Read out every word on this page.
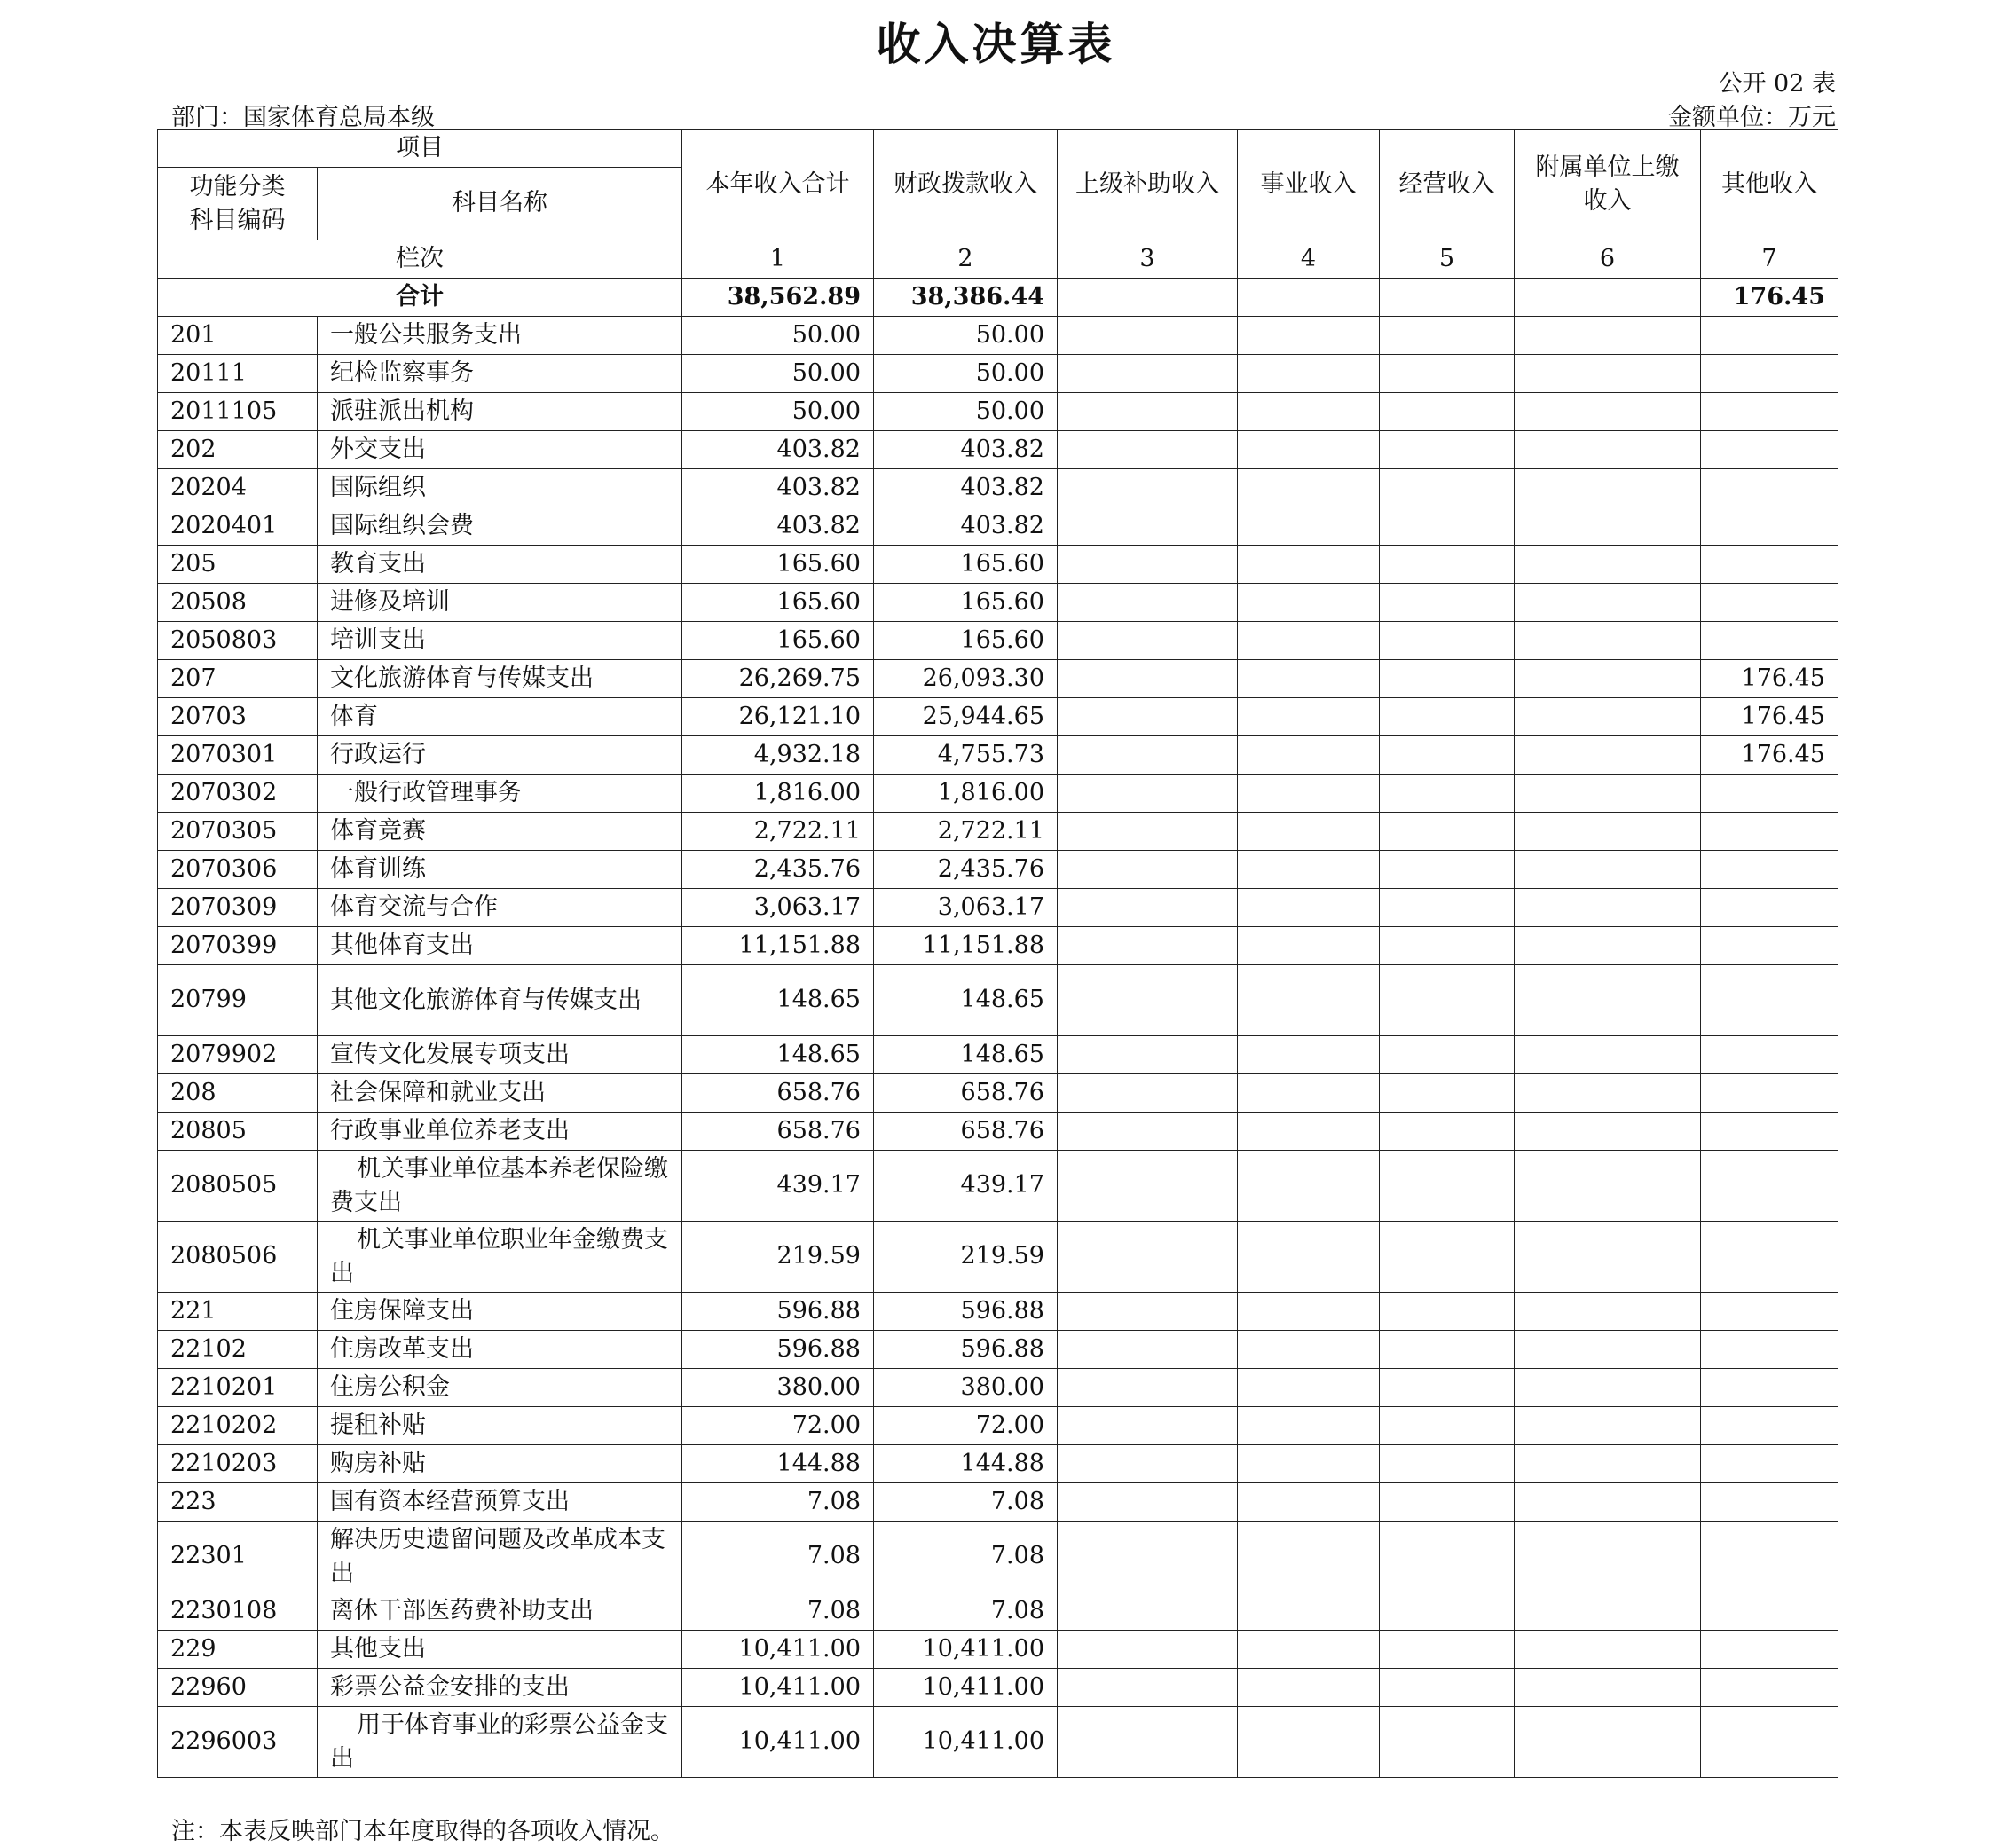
收入决算表
公开 02 表
部门：国家体育总局本级	金额单位：万元
项目		本年收入合计	财政拨款收入	上级补助收入	事业收入	经营收入	附属单位上缴收入	其他收入
功能分类
科目编码	科目名称							
栏次		1	2	3	4	5	6	7
合计		38,562.89	38,386.44					176.45
201	一般公共服务支出	50.00	50.00					
20111	纪检监察事务	50.00	50.00					
2011105	派驻派出机构	50.00	50.00					
202	外交支出	403.82	403.82					
20204	国际组织	403.82	403.82					
2020401	国际组织会费	403.82	403.82					
205	教育支出	165.60	165.60					
20508	进修及培训	165.60	165.60					
2050803	培训支出	165.60	165.60					
207	文化旅游体育与传媒支出	26,269.75	26,093.30					176.45
20703	体育	26,121.10	25,944.65					176.45
2070301	行政运行	4,932.18	4,755.73					176.45
2070302	一般行政管理事务	1,816.00	1,816.00					
2070305	体育竞赛	2,722.11	2,722.11					
2070306	体育训练	2,435.76	2,435.76					
2070309	体育交流与合作	3,063.17	3,063.17					
2070399	其他体育支出	11,151.88	11,151.88					
20799	其他文化旅游体育与传媒支出	148.65	148.65					
2079902	宣传文化发展专项支出	148.65	148.65					
208	社会保障和就业支出	658.76	658.76					
20805	行政事业单位养老支出	658.76	658.76					
2080505	机关事业单位基本养老保险缴费支出	439.17	439.17					
2080506	机关事业单位职业年金缴费支出	219.59	219.59					
221	住房保障支出	596.88	596.88					
22102	住房改革支出	596.88	596.88					
2210201	住房公积金	380.00	380.00					
2210202	提租补贴	72.00	72.00					
2210203	购房补贴	144.88	144.88					
223	国有资本经营预算支出	7.08	7.08					
22301	解决历史遗留问题及改革成本支出	7.08	7.08					
2230108	离休干部医药费补助支出	7.08	7.08					
229	其他支出	10,411.00	10,411.00					
22960	彩票公益金安排的支出	10,411.00	10,411.00					
2296003	用于体育事业的彩票公益金支出	10,411.00	10,411.00					
注：本表反映部门本年度取得的各项收入情况。
